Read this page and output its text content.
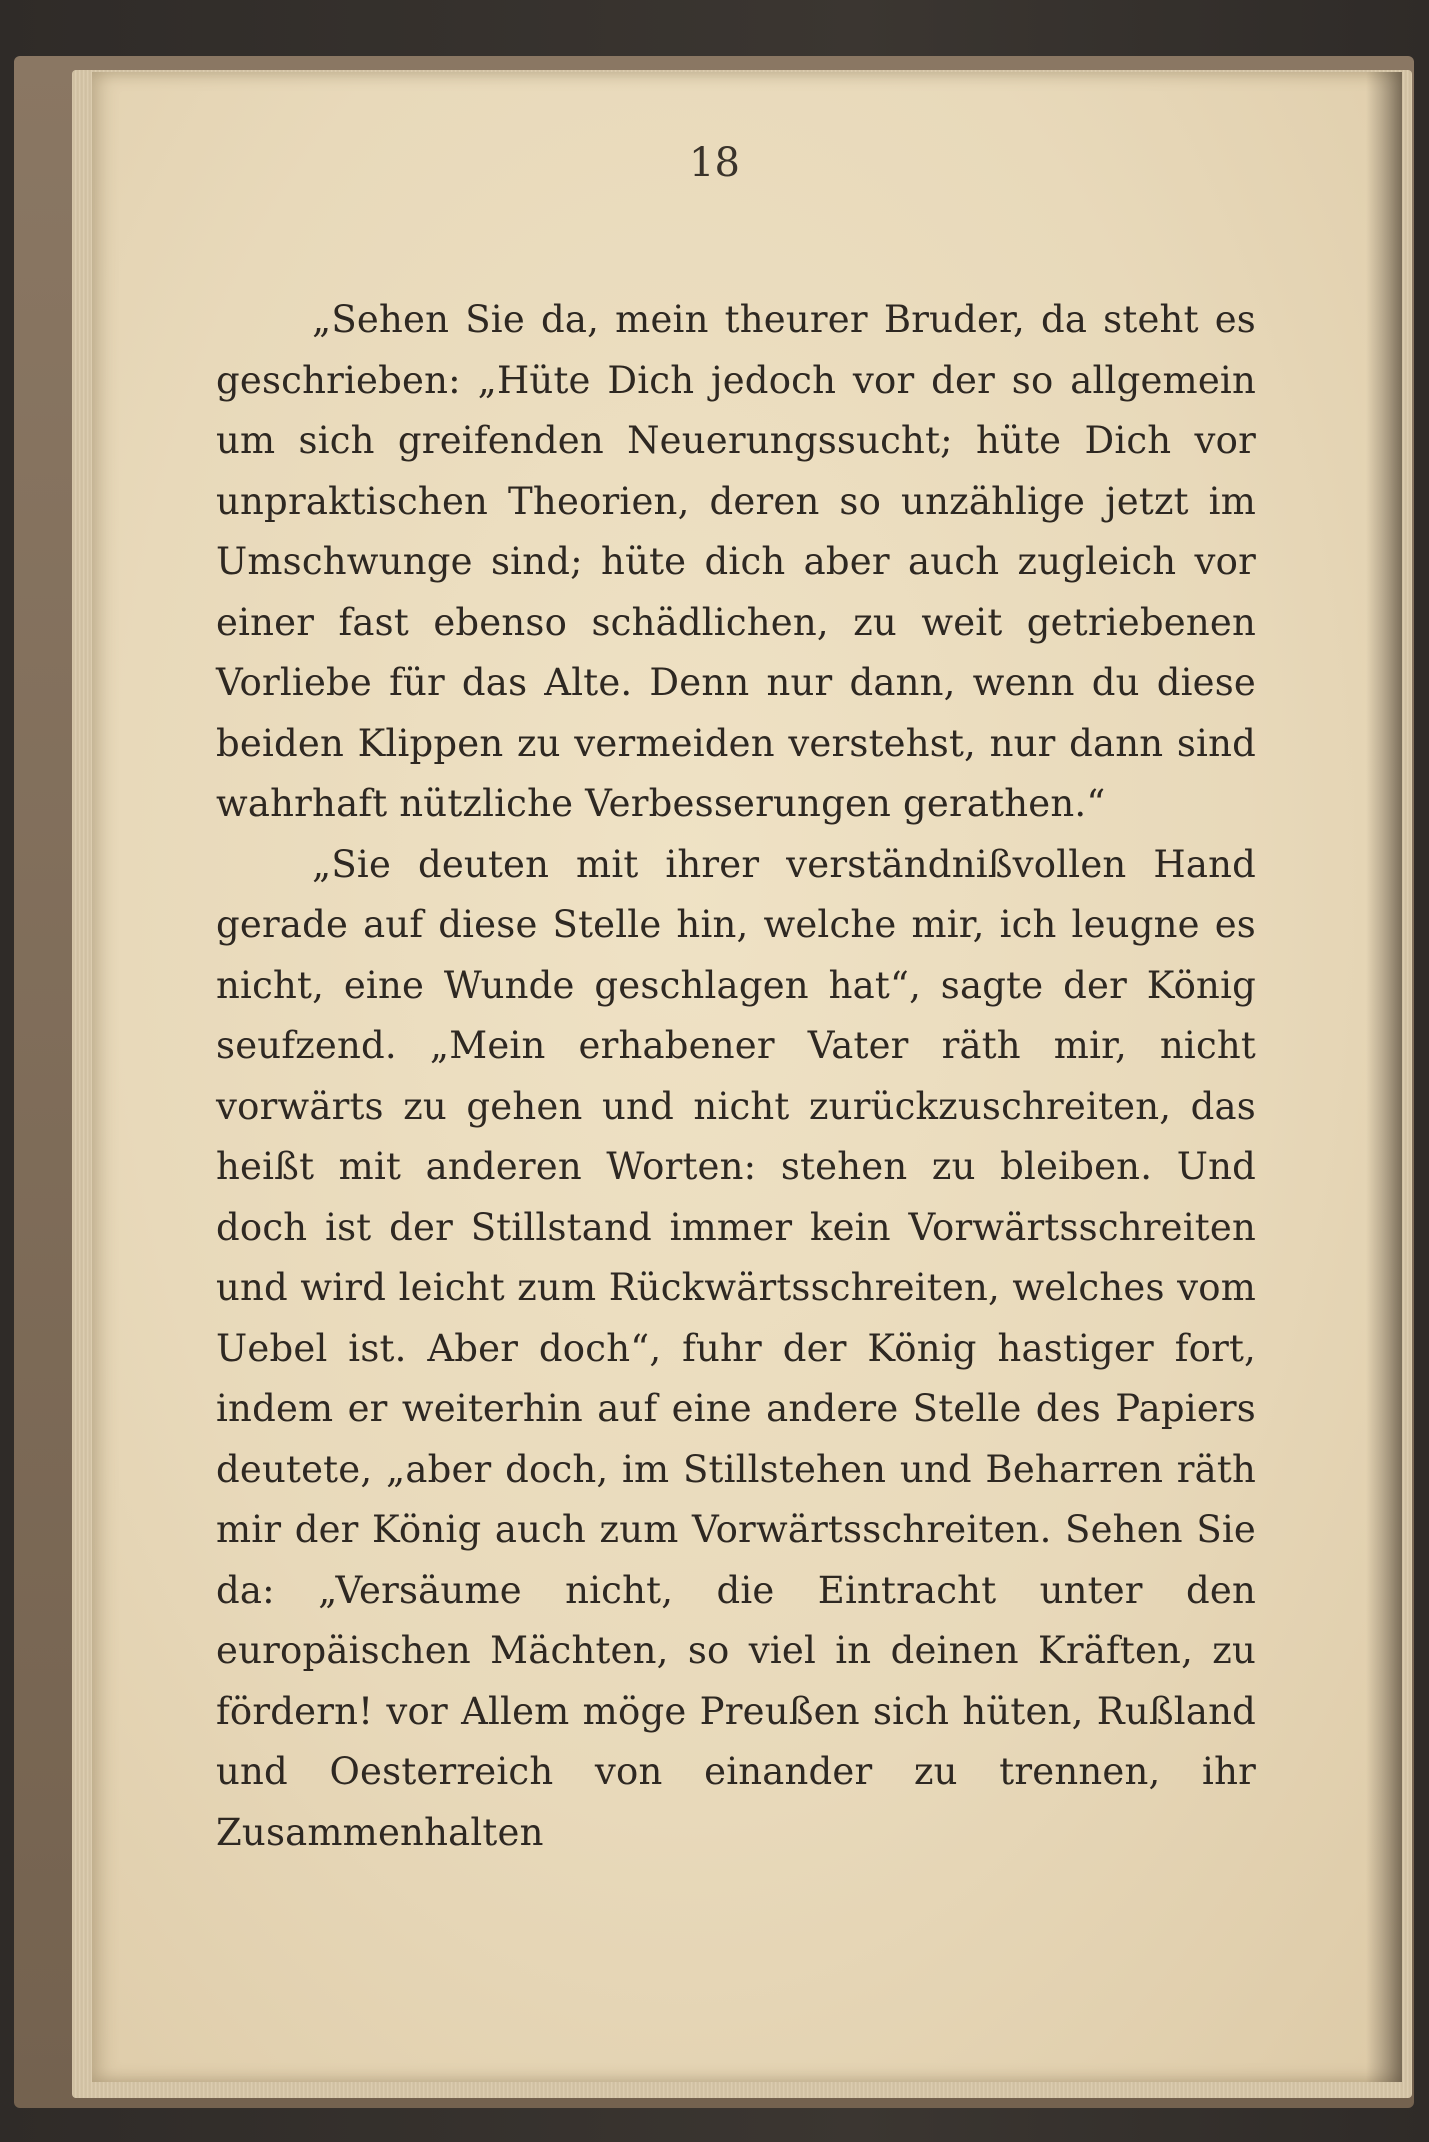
18

„Sehen Sie da, mein theurer Bruder, da steht es geschrieben: „Hüte Dich jedoch vor der so allgemein um sich greifenden Neuerungssucht; hüte Dich vor unpraktischen Theorien, deren so unzählige jetzt im Umschwunge sind; hüte dich aber auch zugleich vor einer fast ebenso schädlichen, zu weit getriebenen Vorliebe für das Alte. Denn nur dann, wenn du diese beiden Klippen zu vermeiden verstehst, nur dann sind wahrhaft nützliche Verbesserungen gerathen.“

„Sie deuten mit ihrer verständnißvollen Hand gerade auf diese Stelle hin, welche mir, ich leugne es nicht, eine Wunde geschlagen hat“, sagte der König seufzend. „Mein erhabener Vater räth mir, nicht vorwärts zu gehen und nicht zurückzuschreiten, das heißt mit anderen Worten: stehen zu bleiben. Und doch ist der Stillstand immer kein Vorwärtsschreiten und wird leicht zum Rückwärtsschreiten, welches vom Uebel ist. Aber doch“, fuhr der König hastiger fort, indem er weiterhin auf eine andere Stelle des Papiers deutete, „aber doch, im Stillstehen und Beharren räth mir der König auch zum Vorwärtsschreiten. Sehen Sie da: „Versäume nicht, die Eintracht unter den europäischen Mächten, so viel in deinen Kräften, zu fördern! vor Allem möge Preußen sich hüten, Rußland und Oesterreich von einander zu trennen, ihr Zusammenhalten
